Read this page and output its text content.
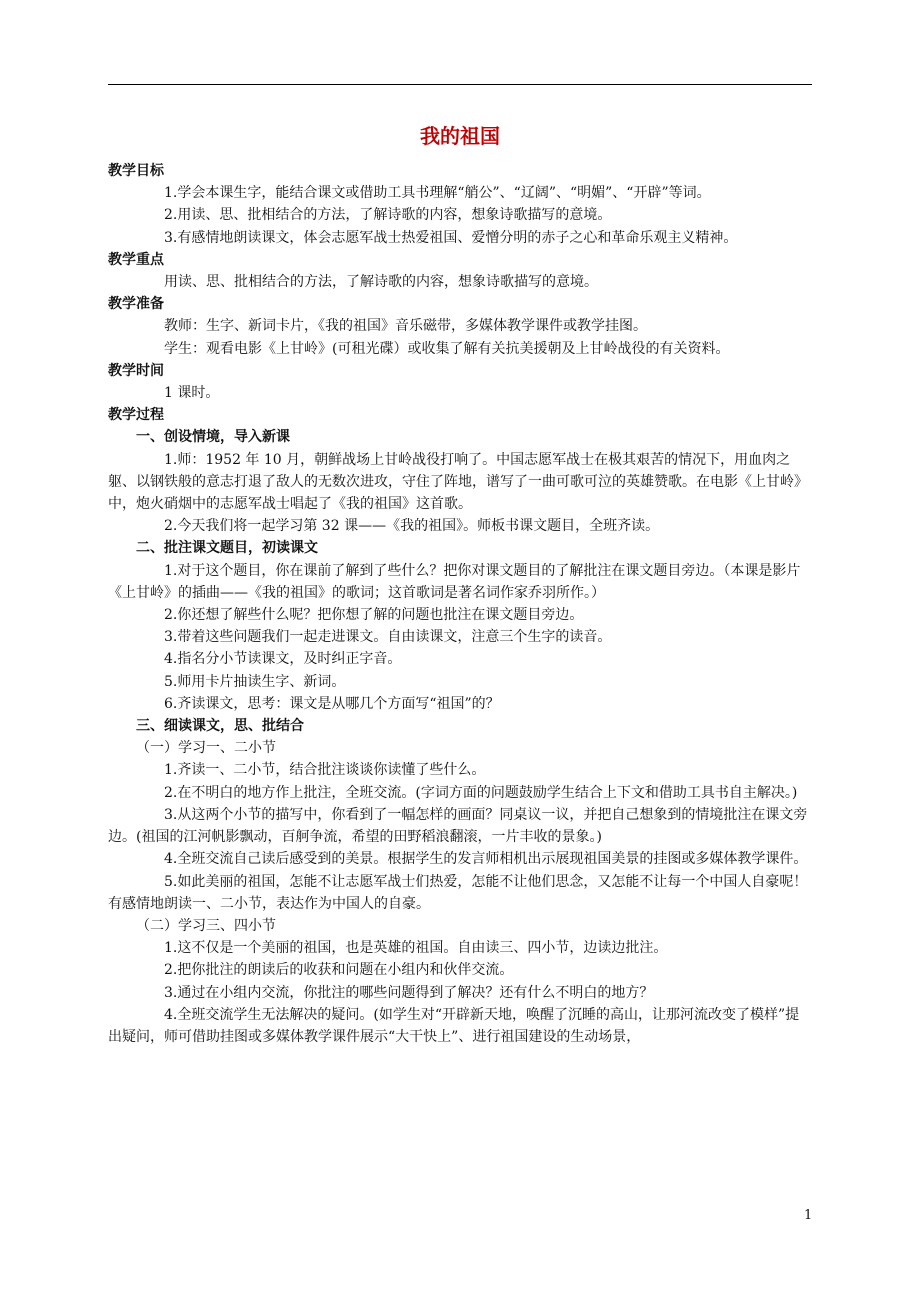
我的祖国

教学目标

1.学会本课生字，能结合课文或借助工具书理解“艄公”、“辽阔”、“明媚”、“开辟”等词。

2.用读、思、批相结合的方法，了解诗歌的内容，想象诗歌描写的意境。

3.有感情地朗读课文，体会志愿军战士热爱祖国、爱憎分明的赤子之心和革命乐观主义精神。

教学重点

用读、思、批相结合的方法，了解诗歌的内容，想象诗歌描写的意境。

教学准备

教师：生字、新词卡片，《我的祖国》音乐磁带，多媒体教学课件或教学挂图。

学生：观看电影《上甘岭》(可租光碟）或收集了解有关抗美援朝及上甘岭战役的有关资料。

教学时间

1 课时。

教学过程

一、创设情境，导入新课

1.师：1952 年 10 月，朝鲜战场上甘岭战役打响了。中国志愿军战士在极其艰苦的情况下，用血肉之躯、以钢铁般的意志打退了敌人的无数次进攻，守住了阵地，谱写了一曲可歌可泣的英雄赞歌。在电影《上甘岭》中，炮火硝烟中的志愿军战士唱起了《我的祖国》这首歌。

2.今天我们将一起学习第 32 课——《我的祖国》。师板书课文题目，全班齐读。

二、批注课文题目，初读课文

1.对于这个题目，你在课前了解到了些什么？把你对课文题目的了解批注在课文题目旁边。（本课是影片《上甘岭》的插曲——《我的祖国》的歌词；这首歌词是著名词作家乔羽所作。）

2.你还想了解些什么呢？把你想了解的问题也批注在课文题目旁边。

3.带着这些问题我们一起走进课文。自由读课文，注意三个生字的读音。

4.指名分小节读课文，及时纠正字音。

5.师用卡片抽读生字、新词。

6.齐读课文，思考：课文是从哪几个方面写“祖国”的？

三、细读课文，思、批结合

（一）学习一、二小节

1.齐读一、二小节，结合批注谈谈你读懂了些什么。

2.在不明白的地方作上批注，全班交流。(字词方面的问题鼓励学生结合上下文和借助工具书自主解决。)

3.从这两个小节的描写中，你看到了一幅怎样的画面？同桌议一议，并把自己想象到的情境批注在课文旁边。(祖国的江河帆影飘动，百舸争流，希望的田野稻浪翻滚，一片丰收的景象。)

4.全班交流自己读后感受到的美景。根据学生的发言师相机出示展现祖国美景的挂图或多媒体教学课件。

5.如此美丽的祖国，怎能不让志愿军战士们热爱，怎能不让他们思念，又怎能不让每一个中国人自豪呢！有感情地朗读一、二小节，表达作为中国人的自豪。

（二）学习三、四小节

1.这不仅是一个美丽的祖国，也是英雄的祖国。自由读三、四小节，边读边批注。

2.把你批注的朗读后的收获和问题在小组内和伙伴交流。

3.通过在小组内交流，你批注的哪些问题得到了解决？还有什么不明白的地方？

4.全班交流学生无法解决的疑问。(如学生对“开辟新天地，唤醒了沉睡的高山，让那河流改变了模样”提出疑问，师可借助挂图或多媒体教学课件展示“大干快上”、进行祖国建设的生动场景，

1
